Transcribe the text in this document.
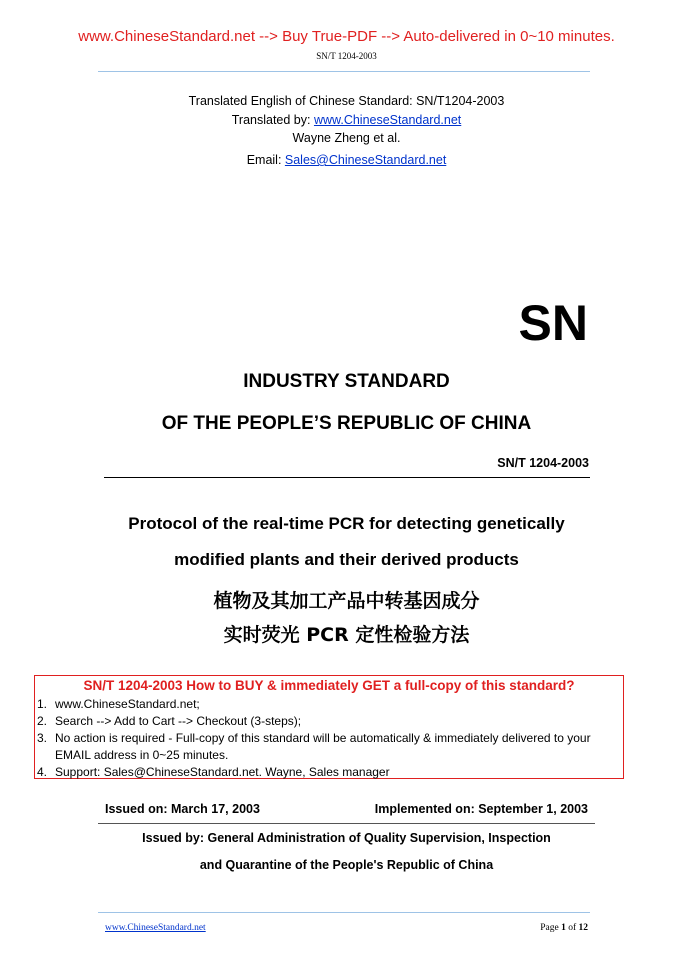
www.ChineseStandard.net --> Buy True-PDF --> Auto-delivered in 0~10 minutes.
SN/T 1204-2003
Translated English of Chinese Standard: SN/T1204-2003
Translated by: www.ChineseStandard.net
Wayne Zheng et al.
Email: Sales@ChineseStandard.net
SN
INDUSTRY STANDARD
OF THE PEOPLE’S REPUBLIC OF CHINA
SN/T 1204-2003
Protocol of the real-time PCR for detecting genetically
modified plants and their derived products
植物及其加工产品中转基因成分
实时荧光 PCR 定性检验方法
SN/T 1204-2003 How to BUY & immediately GET a full-copy of this standard?
1. www.ChineseStandard.net;
2. Search --> Add to Cart --> Checkout (3-steps);
3. No action is required - Full-copy of this standard will be automatically & immediately delivered to your EMAIL address in 0~25 minutes.
4. Support: Sales@ChineseStandard.net. Wayne, Sales manager
Issued on: March 17, 2003	Implemented on: September 1, 2003
Issued by: General Administration of Quality Supervision, Inspection
and Quarantine of the People's Republic of China
www.ChineseStandard.net	Page 1 of 12
